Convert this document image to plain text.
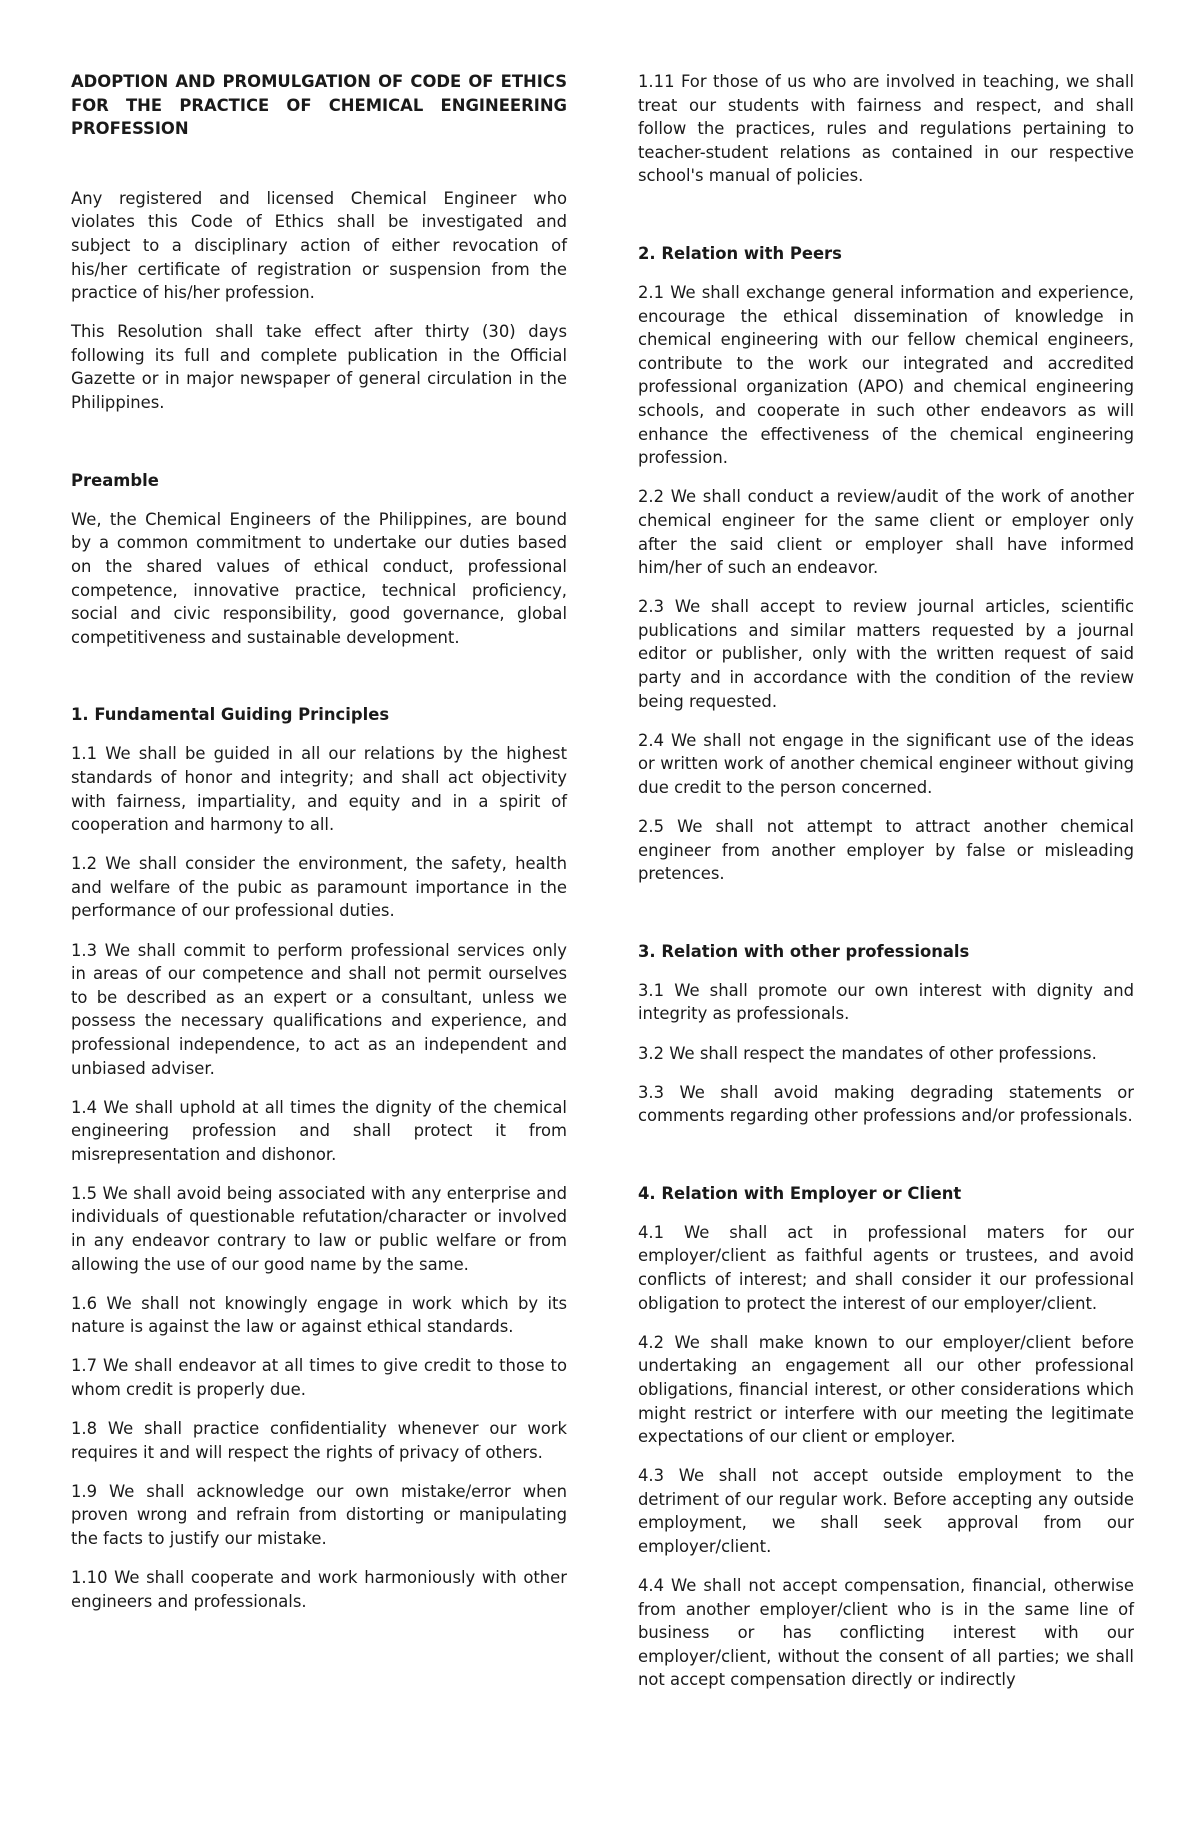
ADOPTION AND PROMULGATION OF CODE OF ETHICS FOR THE PRACTICE OF CHEMICAL ENGINEERING PROFESSION

Any registered and licensed Chemical Engineer who violates this Code of Ethics shall be investigated and subject to a disciplinary action of either revocation of his/her certificate of registration or suspension from the practice of his/her profession.

This Resolution shall take effect after thirty (30) days following its full and complete publication in the Official Gazette or in major newspaper of general circulation in the Philippines.

Preamble

We, the Chemical Engineers of the Philippines, are bound by a common commitment to undertake our duties based on the shared values of ethical conduct, professional competence, innovative practice, technical proficiency, social and civic responsibility, good governance, global competitiveness and sustainable development.

1. Fundamental Guiding Principles

1.1 We shall be guided in all our relations by the highest standards of honor and integrity; and shall act objectivity with fairness, impartiality, and equity and in a spirit of cooperation and harmony to all.

1.2 We shall consider the environment, the safety, health and welfare of the pubic as paramount importance in the performance of our professional duties.

1.3 We shall commit to perform professional services only in areas of our competence and shall not permit ourselves to be described as an expert or a consultant, unless we possess the necessary qualifications and experience, and professional independence, to act as an independent and unbiased adviser.

1.4 We shall uphold at all times the dignity of the chemical engineering profession and shall protect it from misrepresentation and dishonor.

1.5 We shall avoid being associated with any enterprise and individuals of questionable refutation/character or involved in any endeavor contrary to law or public welfare or from allowing the use of our good name by the same.

1.6 We shall not knowingly engage in work which by its nature is against the law or against ethical standards.

1.7 We shall endeavor at all times to give credit to those to whom credit is properly due.

1.8 We shall practice confidentiality whenever our work requires it and will respect the rights of privacy of others.

1.9 We shall acknowledge our own mistake/error when proven wrong and refrain from distorting or manipulating the facts to justify our mistake.

1.10 We shall cooperate and work harmoniously with other engineers and professionals.

1.11 For those of us who are involved in teaching, we shall treat our students with fairness and respect, and shall follow the practices, rules and regulations pertaining to teacher-student relations as contained in our respective school's manual of policies.

2. Relation with Peers

2.1 We shall exchange general information and experience, encourage the ethical dissemination of knowledge in chemical engineering with our fellow chemical engineers, contribute to the work our integrated and accredited professional organization (APO) and chemical engineering schools, and cooperate in such other endeavors as will enhance the effectiveness of the chemical engineering profession.

2.2 We shall conduct a review/audit of the work of another chemical engineer for the same client or employer only after the said client or employer shall have informed him/her of such an endeavor.

2.3 We shall accept to review journal articles, scientific publications and similar matters requested by a journal editor or publisher, only with the written request of said party and in accordance with the condition of the review being requested.

2.4 We shall not engage in the significant use of the ideas or written work of another chemical engineer without giving due credit to the person concerned.

2.5 We shall not attempt to attract another chemical engineer from another employer by false or misleading pretences.

3. Relation with other professionals

3.1 We shall promote our own interest with dignity and integrity as professionals.

3.2 We shall respect the mandates of other professions.

3.3 We shall avoid making degrading statements or comments regarding other professions and/or professionals.

4. Relation with Employer or Client

4.1 We shall act in professional maters for our employer/client as faithful agents or trustees, and avoid conflicts of interest; and shall consider it our professional obligation to protect the interest of our employer/client.

4.2 We shall make known to our employer/client before undertaking an engagement all our other professional obligations, financial interest, or other considerations which might restrict or interfere with our meeting the legitimate expectations of our client or employer.

4.3 We shall not accept outside employment to the detriment of our regular work. Before accepting any outside employment, we shall seek approval from our employer/client.

4.4 We shall not accept compensation, financial, otherwise from another employer/client who is in the same line of business or has conflicting interest with our employer/client, without the consent of all parties; we shall not accept compensation directly or indirectly
